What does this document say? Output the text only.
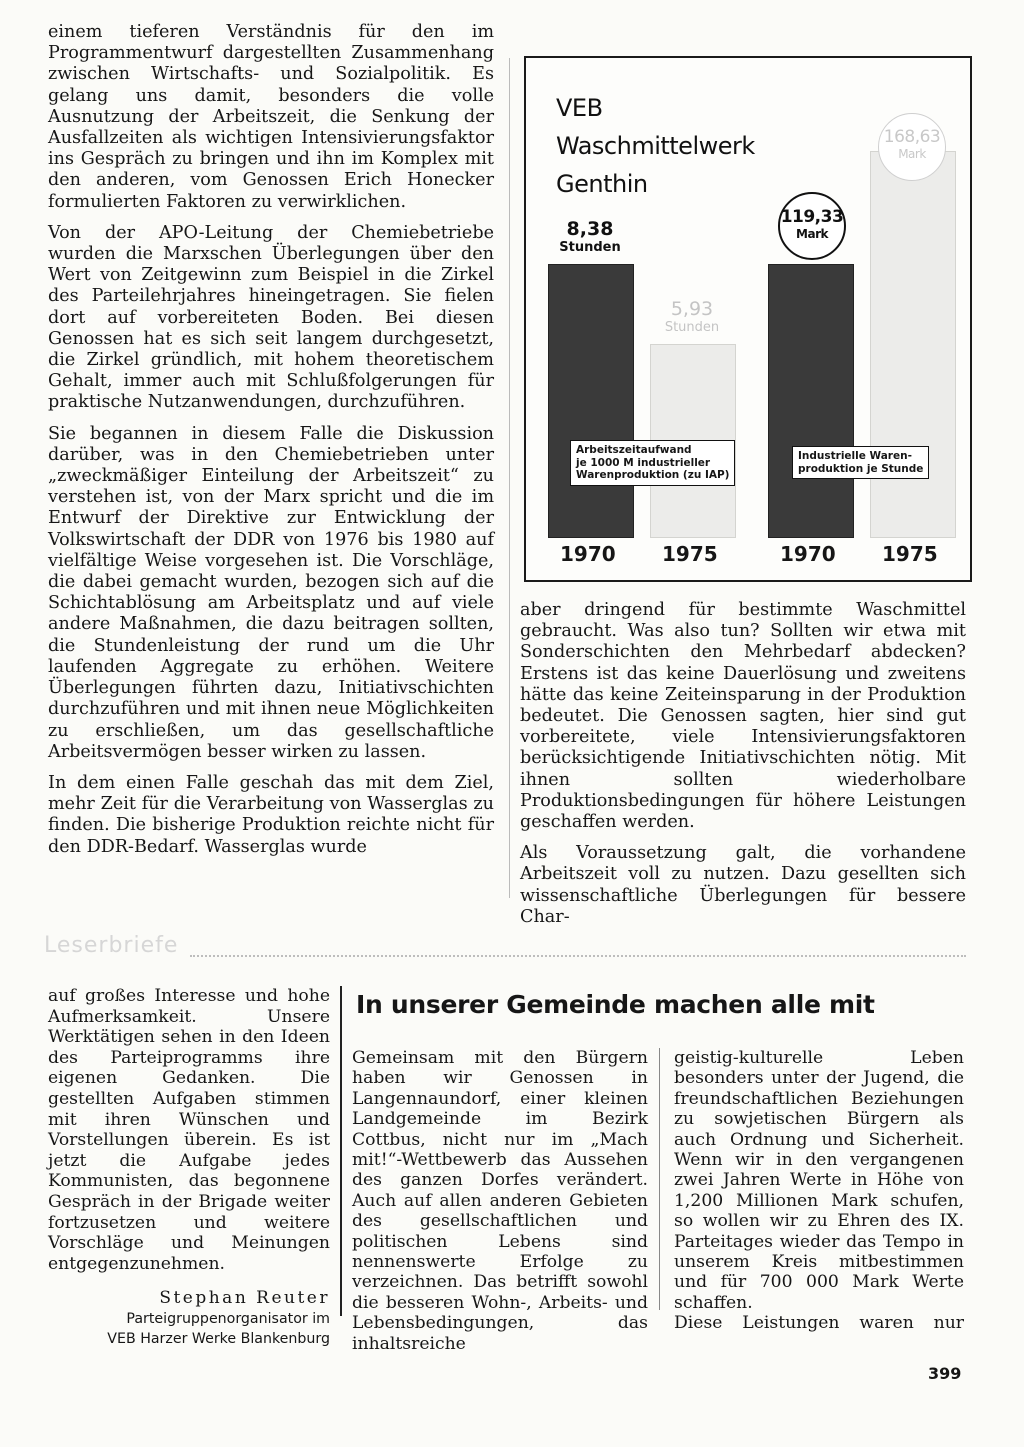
einem tieferen Verständnis für den im Programmentwurf dargestellten Zusammenhang zwischen Wirtschafts- und Sozialpolitik. Es gelang uns damit, besonders die volle Ausnutzung der Arbeitszeit, die Senkung der Ausfallzeiten als wichtigen Intensivierungsfaktor ins Gespräch zu bringen und ihn im Komplex mit den anderen, vom Genossen Erich Honecker formulierten Faktoren zu verwirklichen.

Von der APO-Leitung der Chemiebetriebe wurden die Marxschen Überlegungen über den Wert von Zeitgewinn zum Beispiel in die Zirkel des Parteilehrjahres hineingetragen. Sie fielen dort auf vorbereiteten Boden. Bei diesen Genossen hat es sich seit langem durchgesetzt, die Zirkel gründlich, mit hohem theoretischem Gehalt, immer auch mit Schlußfolgerungen für praktische Nutzanwendungen, durchzuführen.

Sie begannen in diesem Falle die Diskussion darüber, was in den Chemiebetrieben unter „zweckmäßiger Einteilung der Arbeitszeit“ zu verstehen ist, von der Marx spricht und die im Entwurf der Direktive zur Entwicklung der Volkswirtschaft der DDR von 1976 bis 1980 auf vielfältige Weise vorgesehen ist. Die Vorschläge, die dabei gemacht wurden, bezogen sich auf die Schichtablösung am Arbeitsplatz und auf viele andere Maßnahmen, die dazu beitragen sollten, die Stundenleistung der rund um die Uhr laufenden Aggregate zu erhöhen. Weitere Überlegungen führten dazu, Initiativschichten durchzuführen und mit ihnen neue Möglichkeiten zu erschließen, um das gesellschaftliche Arbeitsvermögen besser wirken zu lassen.

In dem einen Falle geschah das mit dem Ziel, mehr Zeit für die Verarbeitung von Wasserglas zu finden. Die bisherige Produktion reichte nicht für den DDR-Bedarf. Wasserglas wurde

VEB
Waschmittelwerk
Genthin
1970
8,38
Stunden
1975
5,93
Stunden
Arbeitszeitaufwand
je 1000 M industrieller
Warenproduktion (zu IAP)
1970
119,33
Mark
1975
168,63
Mark
Industrielle Waren-
produktion je Stunde

aber dringend für bestimmte Waschmittel gebraucht. Was also tun? Sollten wir etwa mit Sonderschichten den Mehrbedarf abdecken? Erstens ist das keine Dauerlösung und zweitens hätte das keine Zeiteinsparung in der Produktion bedeutet. Die Genossen sagten, hier sind gut vorbereitete, viele Intensivierungsfaktoren berücksichtigende Initiativschichten nötig. Mit ihnen sollten wiederholbare Produktionsbedingungen für höhere Leistungen geschaffen werden.

Als Voraussetzung galt, die vorhandene Arbeitszeit voll zu nutzen. Dazu gesellten sich wissenschaftliche Überlegungen für bessere Char-

Leserbriefe

auf großes Interesse und hohe Aufmerksamkeit. Unsere Werktätigen sehen in den Ideen des Parteiprogramms ihre eigenen Gedanken. Die gestellten Aufgaben stimmen mit ihren Wünschen und Vorstellungen überein. Es ist jetzt die Aufgabe jedes Kommunisten, das begonnene Gespräch in der Brigade weiter fortzusetzen und weitere Vorschläge und Meinungen entgegenzunehmen.

Stephan Reuter

Parteigruppenorganisator im

VEB Harzer Werke Blankenburg

In unserer Gemeinde machen alle mit
Gemeinsam mit den Bürgern haben wir Genossen in Langennaundorf, einer kleinen Landgemeinde im Bezirk Cottbus, nicht nur im „Mach mit!“-Wettbewerb das Aussehen des ganzen Dorfes verändert. Auch auf allen anderen Gebieten des gesellschaftlichen und politischen Lebens sind nennenswerte Erfolge zu verzeichnen. Das betrifft sowohl die besseren Wohn-, Arbeits- und Lebensbedingungen, das inhaltsreiche
geistig-kulturelle Leben besonders unter der Jugend, die freundschaftlichen Beziehungen zu sowjetischen Bürgern als auch Ordnung und Sicherheit. Wenn wir in den vergangenen zwei Jahren Werte in Höhe von 1,200 Millionen Mark schufen, so wollen wir zu Ehren des IX. Parteitages wieder das Tempo in unserem Kreis mitbestimmen und für 700 000 Mark Werte schaffen.
Diese Leistungen waren nur
399
